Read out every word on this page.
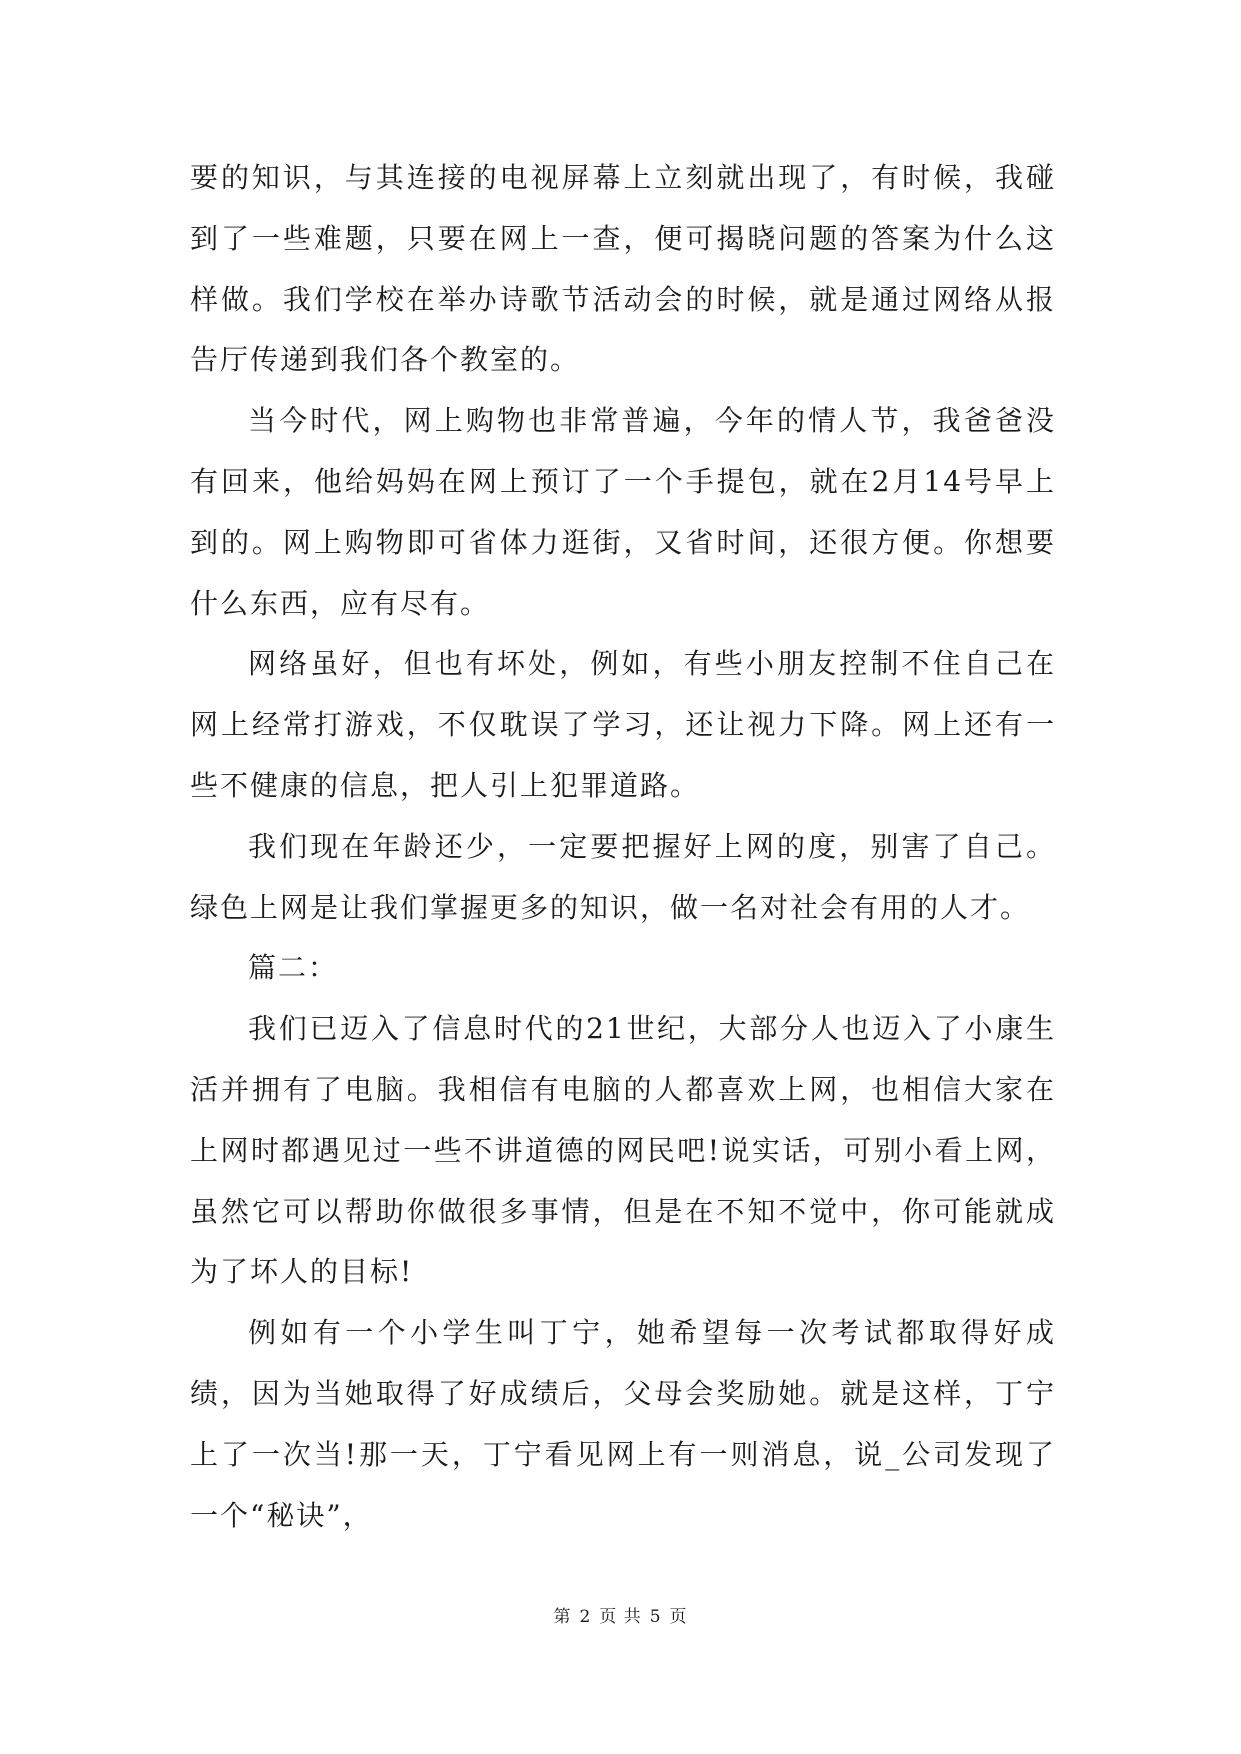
要的知识，与其连接的电视屏幕上立刻就出现了，有时候，我碰到了一些难题，只要在网上一查，便可揭晓问题的答案为什么这样做。我们学校在举办诗歌节活动会的时候，就是通过网络从报告厅传递到我们各个教室的。

当今时代，网上购物也非常普遍，今年的情人节，我爸爸没有回来，他给妈妈在网上预订了一个手提包，就在2月14号早上到的。网上购物即可省体力逛街，又省时间，还很方便。你想要什么东西，应有尽有。

网络虽好，但也有坏处，例如，有些小朋友控制不住自己在网上经常打游戏，不仅耽误了学习，还让视力下降。网上还有一些不健康的信息，把人引上犯罪道路。

我们现在年龄还少，一定要把握好上网的度，别害了自己。绿色上网是让我们掌握更多的知识，做一名对社会有用的人才。

篇二：

我们已迈入了信息时代的21世纪，大部分人也迈入了小康生活并拥有了电脑。我相信有电脑的人都喜欢上网，也相信大家在上网时都遇见过一些不讲道德的网民吧!说实话，可别小看上网，虽然它可以帮助你做很多事情，但是在不知不觉中，你可能就成为了坏人的目标!

例如有一个小学生叫丁宁，她希望每一次考试都取得好成绩，因为当她取得了好成绩后，父母会奖励她。就是这样，丁宁上了一次当!那一天，丁宁看见网上有一则消息，说_公司发现了一个“秘诀”，

第 2 页 共 5 页
